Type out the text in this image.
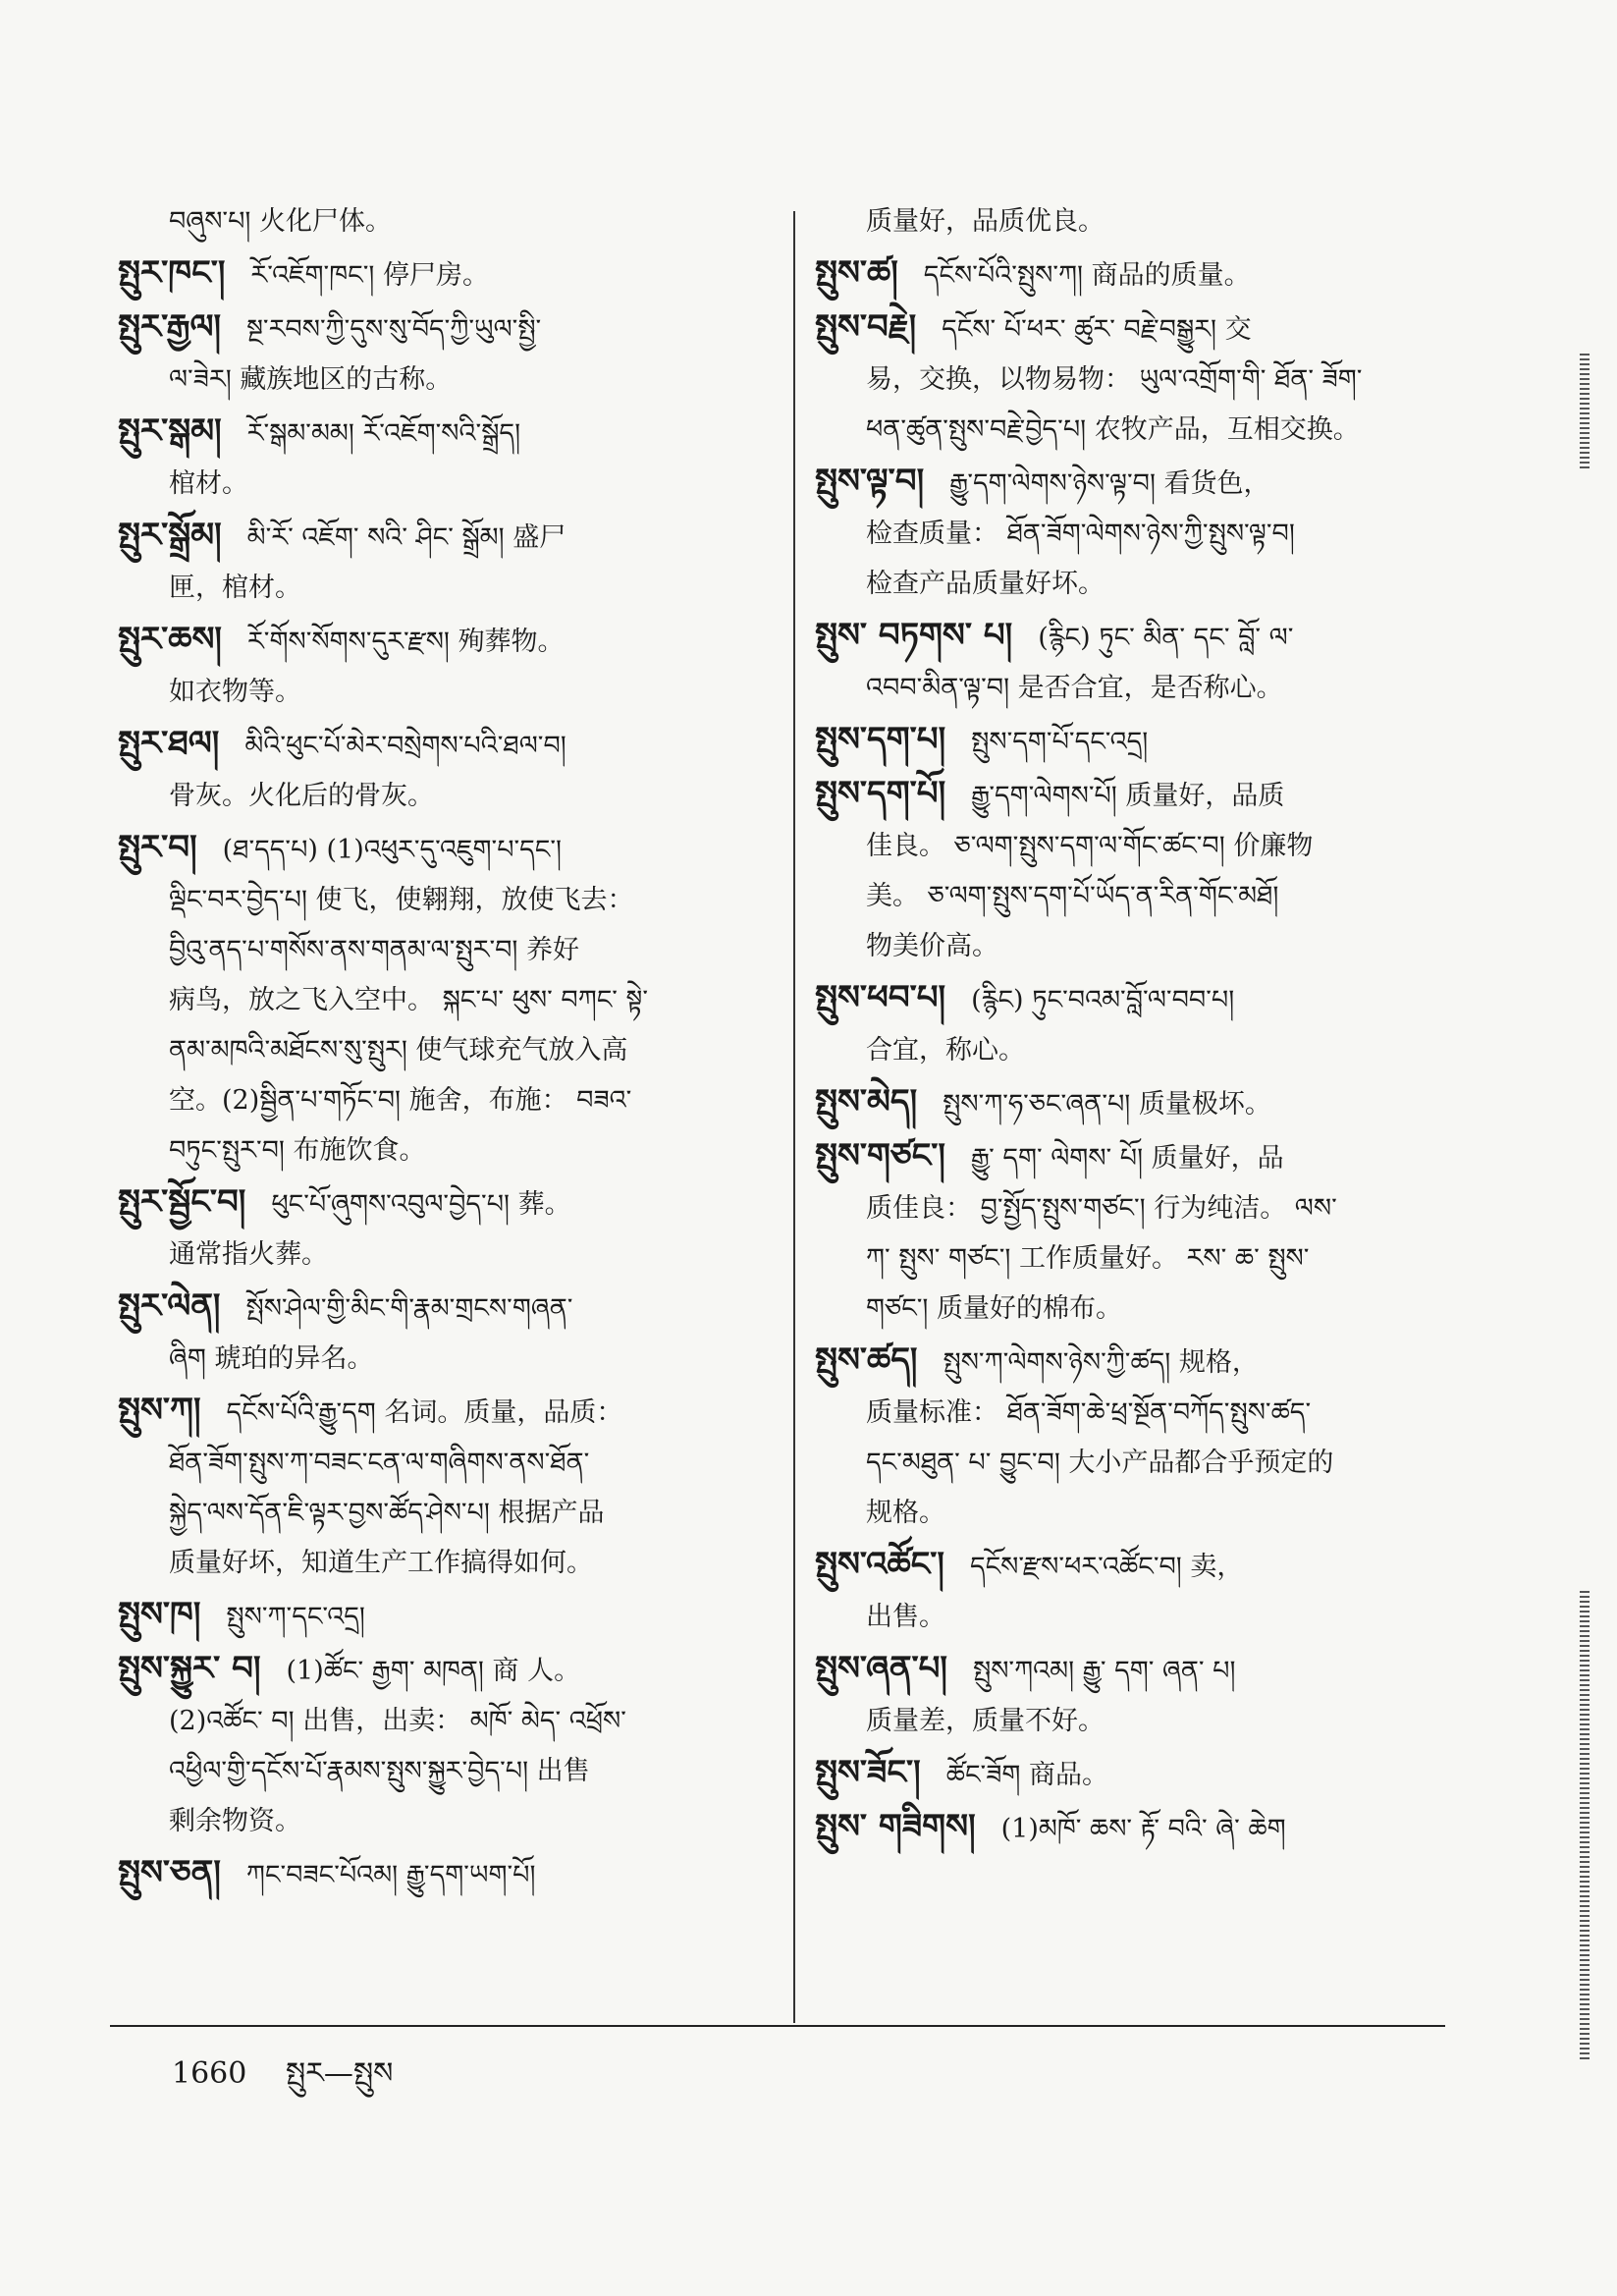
བཞུས་པ། 火化尸体。

སྤུར་ཁང་། རོ་འཇོག་ཁང་། 停尸房。

སྤུར་རྒྱལ། སྔ་རབས་ཀྱི་དུས་སུ་བོད་ཀྱི་ཡུལ་སྤྱི་

ལ་ཟེར། 藏族地区的古称。

སྤུར་སྒམ། རོ་སྒམ་མམ། རོ་འཇོག་སའི་སྒྲོད།

棺材。

སྤུར་སྒྲོམ། མི་རོ་ འཇོག་ སའི་ ཤིང་ སྒྲོམ། 盛尸

匣，棺材。

སྤུར་ཆས། རོ་གོས་སོགས་དུར་རྫས། 殉葬物。

如衣物等。

སྤུར་ཐལ། མིའི་ཕུང་པོ་མེར་བསྲེགས་པའི་ཐལ་བ།

骨灰。火化后的骨灰。

སྤུར་བ། (ཐ་དད་པ) (1)འཕུར་དུ་འཇུག་པ་དང་།

ལྡིང་བར་བྱེད་པ། 使飞，使翱翔，放使飞去：

བྱིའུ་ནད་པ་གསོས་ནས་གནམ་ལ་སྤུར་བ། 养好

病鸟，放之飞入空中。 སྐང་པ་ ཕུས་ བཀང་ སྟེ་

ནམ་མཁའི་མཐོངས་སུ་སྤུར། 使气球充气放入高

空。(2)སྦྱིན་པ་གཏོང་བ། 施舍，布施： བཟའ་

བཏུང་སྤུར་བ། 布施饮食。

སྤུར་སྦྱོང་བ། ཕུང་པོ་ཞུགས་འབུལ་བྱེད་པ། 葬。

通常指火葬。

སྤུར་ལེན། སྤོས་ཤེལ་གྱི་མིང་གི་རྣམ་གྲངས་གཞན་

ཞིག 琥珀的异名。

སྤུས་ཀ། དངོས་པོའི་རྒྱུ་དག 名词。质量，品质：

ཐོན་ཟོག་སྤུས་ཀ་བཟང་ངན་ལ་གཞིགས་ནས་ཐོན་

སྐྱེད་ལས་དོན་ཇི་ལྟར་བྱས་ཚོད་ཤེས་པ། 根据产品

质量好坏，知道生产工作搞得如何。

སྤུས་ཁ། སྤུས་ཀ་དང་འདྲ།

སྤུས་སྐྱུར་ བ། (1)ཚོང་ རྒྱག་ མཁན། 商 人。

(2)འཚོང་ བ། 出售，出卖： མཁོ་ མེད་ འཕྲོས་

འཕྱིལ་གྱི་དངོས་པོ་རྣམས་སྤུས་སྐྱུར་བྱེད་པ། 出售

剩余物资。

སྤུས་ཅན། ཀང་བཟང་པོའམ། རྒྱུ་དག་ཡག་པོ།

质量好，品质优良。

སྤུས་ཚ། དངོས་པོའི་སྤུས་ཀ། 商品的质量。

སྤུས་བརྗེ། དངོས་ པོ་ཕར་ ཚུར་ བརྗེ་བསྒྱུར། 交

易，交换，以物易物： ཡུལ་འགྲོག་གི་ ཐོན་ ཟོག་

ཕན་ཚུན་སྤུས་བརྗེ་བྱེད་པ། 农牧产品，互相交换。

སྤུས་ལྟ་བ། རྒྱུ་དག་ལེགས་ཉེས་ལྟ་བ། 看货色，

检查质量： ཐོན་ཟོག་ལེགས་ཉེས་ཀྱི་སྤུས་ལྟ་བ།

检查产品质量好坏。

སྤུས་ བཏགས་ པ། (རྙིང) ཏུང་ མིན་ དང་ བློ་ ལ་

འབབ་མིན་ལྟ་བ། 是否合宜，是否称心。

སྤུས་དག་པ། སྤུས་དག་པོ་དང་འདྲ།

སྤུས་དག་པོ། རྒྱུ་དག་ལེགས་པོ། 质量好，品质

佳良。 ཅ་ལག་སྤུས་དག་ལ་གོང་ཚང་བ། 价廉物

美。 ཅ་ལག་སྤུས་དག་པོ་ཡོད་ན་རིན་གོང་མཐོ།

物美价高。

སྤུས་ཕབ་པ། (རྙིང) ཏུང་བའམ་བློ་ལ་བབ་པ།

合宜，称心。

སྤུས་མེད། སྤུས་ཀ་ཧ་ཅང་ཞན་པ། 质量极坏。

སྤུས་གཙང་། རྒྱུ་ དག་ ལེགས་ པོ། 质量好，品

质佳良： བྱ་སྤྱོད་སྤུས་གཙང་། 行为纯洁。 ལས་

ཀ་ སྤུས་ གཙང་། 工作质量好。 རས་ ཆ་ སྤུས་

གཙང་། 质量好的棉布。

སྤུས་ཚད། སྤུས་ཀ་ལེགས་ཉེས་ཀྱི་ཚད། 规格，

质量标准： ཐོན་ཟོག་ཆེ་ཕྲ་སྔོན་བཀོད་སྤུས་ཚད་

དང་མཐུན་ པ་ བྱུང་བ། 大小产品都合乎预定的

规格。

སྤུས་འཚོང་། དངོས་རྫས་ཕར་འཚོང་བ། 卖，

出售。

སྤུས་ཞན་པ། སྤུས་ཀའམ། རྒྱུ་ དག་ ཞན་ པ།

质量差，质量不好。

སྤུས་ཟོང་། ཚོང་ཟོག 商品。

སྤུས་ གཟིགས། (1)མཁོ་ ཆས་ རྟོ་ བའི་ ཞེ་ ཆེག

1660 སྤུར—སྤུས
